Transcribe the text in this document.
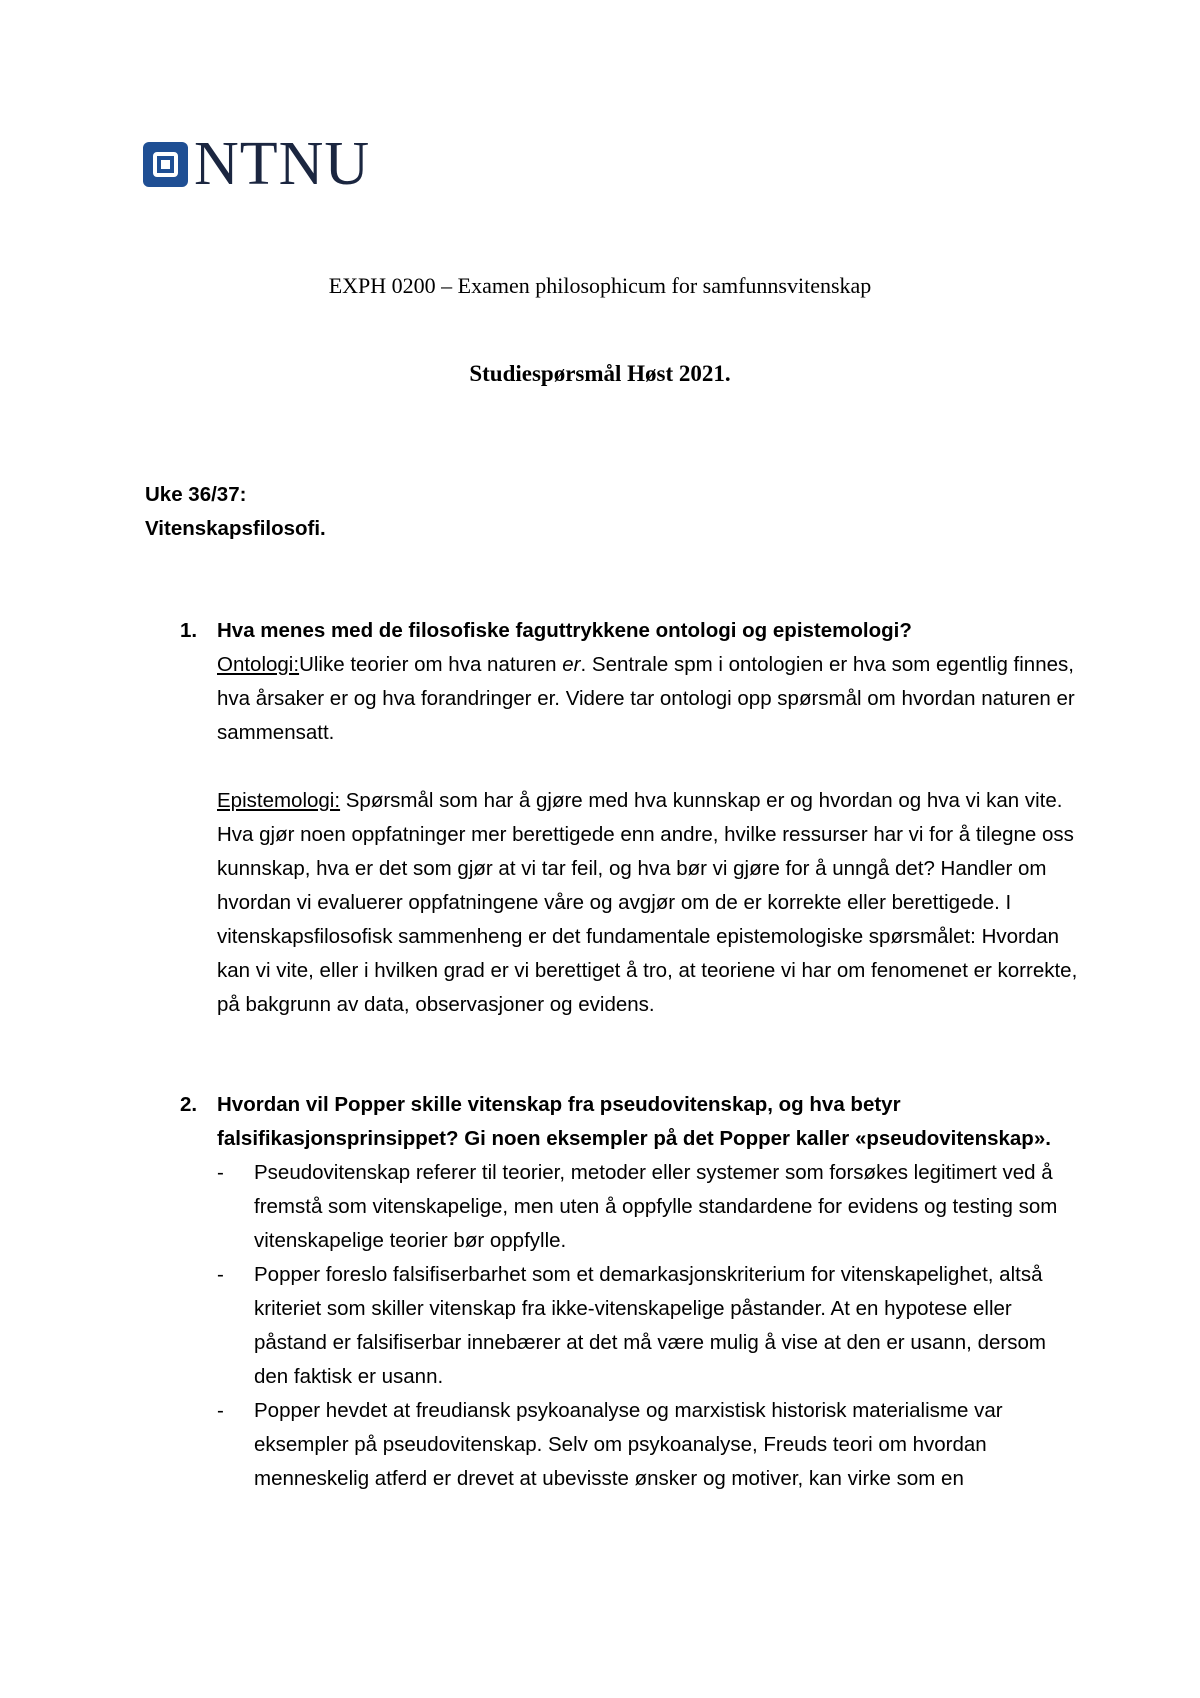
NTNU
EXPH 0200 – Examen philosophicum for samfunnsvitenskap
Studiespørsmål Høst 2021.
Uke 36/37:
Vitenskapsfilosofi.
1. Hva menes med de filosofiske faguttrykkene ontologi og epistemologi?
Ontologi:Ulike teorier om hva naturen er. Sentrale spm i ontologien er hva som egentlig finnes, hva årsaker er og hva forandringer er. Videre tar ontologi opp spørsmål om hvordan naturen er sammensatt.
Epistemologi: Spørsmål som har å gjøre med hva kunnskap er og hvordan og hva vi kan vite. Hva gjør noen oppfatninger mer berettigede enn andre, hvilke ressurser har vi for å tilegne oss kunnskap, hva er det som gjør at vi tar feil, og hva bør vi gjøre for å unngå det? Handler om hvordan vi evaluerer oppfatningene våre og avgjør om de er korrekte eller berettigede. I vitenskapsfilosofisk sammenheng er det fundamentale epistemologiske spørsmålet: Hvordan kan vi vite, eller i hvilken grad er vi berettiget å tro, at teoriene vi har om fenomenet er korrekte, på bakgrunn av data, observasjoner og evidens.
2. Hvordan vil Popper skille vitenskap fra pseudovitenskap, og hva betyr falsifikasjonsprinsippet? Gi noen eksempler på det Popper kaller «pseudovitenskap».
- Pseudovitenskap referer til teorier, metoder eller systemer som forsøkes legitimert ved å fremstå som vitenskapelige, men uten å oppfylle standardene for evidens og testing som vitenskapelige teorier bør oppfylle.
- Popper foreslo falsifiserbarhet som et demarkasjonskriterium for vitenskapelighet, altså kriteriet som skiller vitenskap fra ikke-vitenskapelige påstander. At en hypotese eller påstand er falsifiserbar innebærer at det må være mulig å vise at den er usann, dersom den faktisk er usann.
- Popper hevdet at freudiansk psykoanalyse og marxistisk historisk materialisme var eksempler på pseudovitenskap. Selv om psykoanalyse, Freuds teori om hvordan menneskelig atferd er drevet at ubevisste ønsker og motiver, kan virke som en
